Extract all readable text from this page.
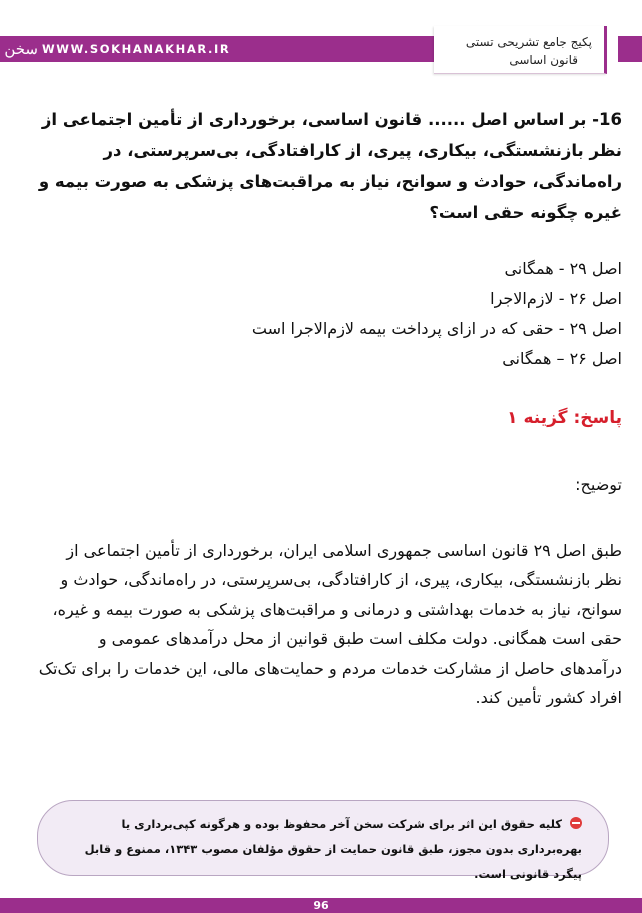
سخن WWW.SOKHANAKHAR.IR	پکیج جامع تشریحی تستی
قانون اساسی
16- بر اساس اصل ...... قانون اساسی، برخورداری از تأمین اجتماعی از نظر بازنشستگی، بیکاری، پیری، از کارافتادگی، بی‌سرپرستی، در راه‌ماندگی، حوادث و سوانح، نیاز به مراقبت‌های پزشکی به صورت بیمه و غیره چگونه حقی است؟
اصل ۲۹ - همگانی
اصل ۲۶ - لازم‌الاجرا
اصل ۲۹ - حقی که در ازای پرداخت بیمه لازم‌الاجرا است
اصل ۲۶ – همگانی
پاسخ: گزینه ۱
توضیح:
طبق اصل ۲۹ قانون اساسی جمهوری اسلامی ایران، برخورداری از تأمین اجتماعی از نظر بازنشستگی، بیکاری، پیری، از کارافتادگی، بی‌سرپرستی، در راه‌ماندگی، حوادث و سوانح، نیاز به خدمات بهداشتی و درمانی و مراقبت‌های پزشکی به صورت بیمه و غیره، حقی است همگانی. دولت مکلف است طبق قوانین از محل درآمدهای عمومی و درآمدهای حاصل از مشارکت خدمات مردم و حمایت‌های مالی، این خدمات را برای تک‌تک افراد کشور تأمین کند.
کلیه حقوق این اثر برای شرکت سخن آخر محفوظ بوده و هرگونه کپی‌برداری یا بهره‌برداری بدون مجوز، طبق قانون حمایت از حقوق مؤلفان مصوب ۱۳۴۳، ممنوع و قابل پیگرد قانونی است.
96
